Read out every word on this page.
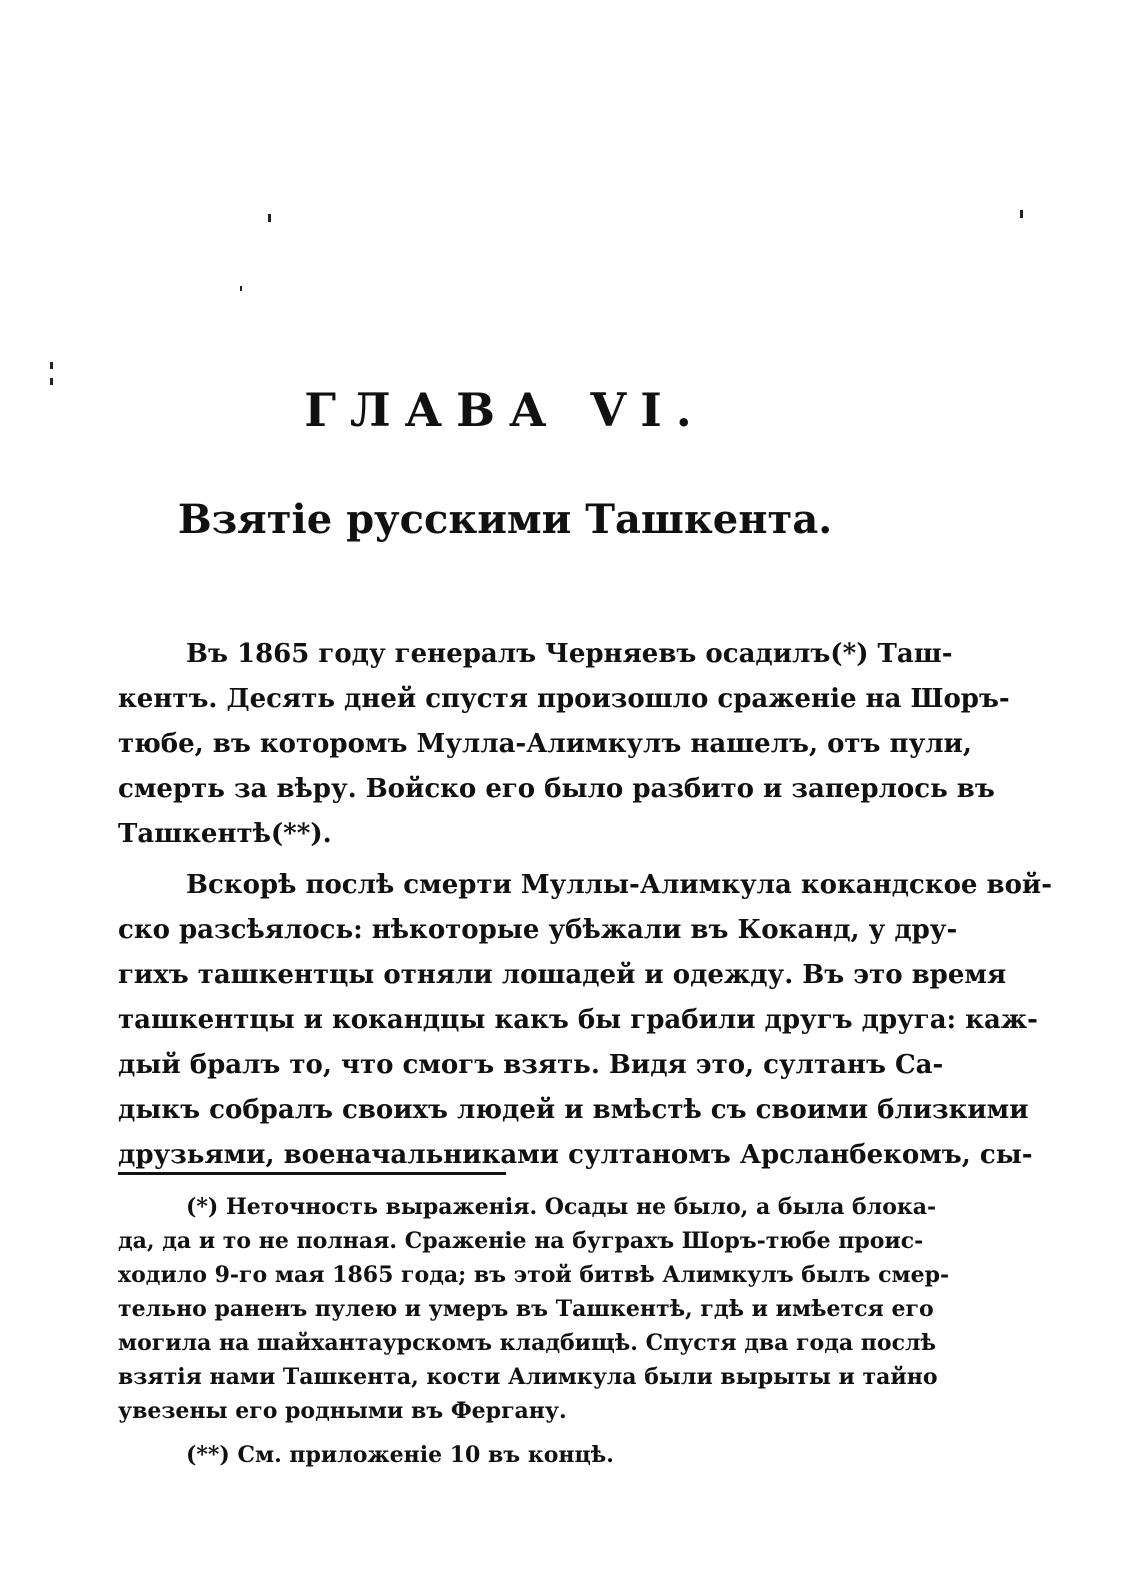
ГЛАВА VI.
Взятіе русскими Ташкента.
Въ 1865 году генералъ Черняевъ осадилъ(*) Таш-
кентъ. Десять дней спустя произошло сраженіе на Шоръ-
тюбе, въ которомъ Мулла-Алимкулъ нашелъ, отъ пули,
смерть за вѣру. Войско его было разбито и заперлось въ
Ташкентѣ(**).
Вскорѣ послѣ смерти Муллы-Алимкула кокандское вой-
ско разсѣялось: нѣкоторые убѣжали въ Коканд, у дру-
гихъ ташкентцы отняли лошадей и одежду. Въ это время
ташкентцы и кокандцы какъ бы грабили другъ друга: каж-
дый бралъ то, что смогъ взять. Видя это, султанъ Са-
дыкъ собралъ своихъ людей и вмѣстѣ съ своими близкими
друзьями, военачальниками султаномъ Арсланбекомъ, сы-
(*) Неточность выраженія. Осады не было, а была блока-
да, да и то не полная. Сраженіе на буграхъ Шоръ-тюбе проис-
ходило 9-го мая 1865 года; въ этой битвѣ Алимкулъ былъ смер-
тельно раненъ пулею и умеръ въ Ташкентѣ, гдѣ и имѣется его
могила на шайхантаурскомъ кладбищѣ. Спустя два года послѣ
взятія нами Ташкента, кости Алимкула были вырыты и тайно
увезены его родными въ Фергану.
(**) См. приложеніе 10 въ концѣ.
